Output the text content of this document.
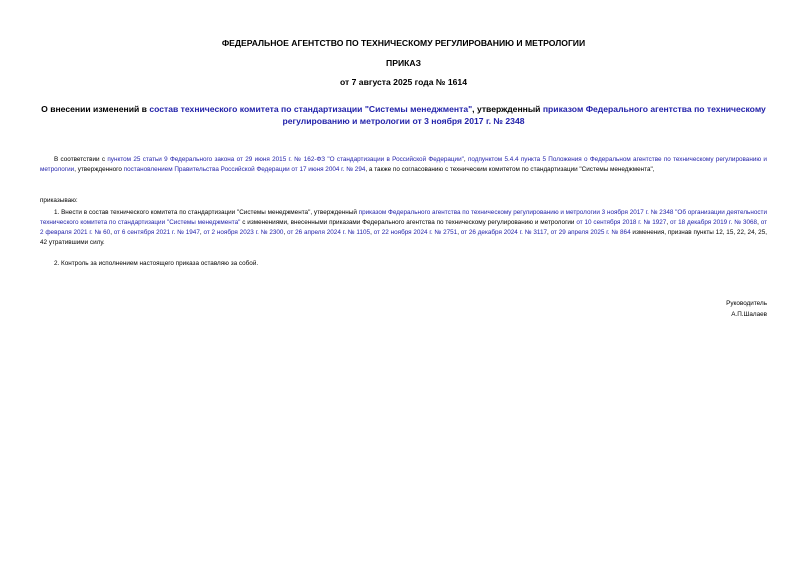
ФЕДЕРАЛЬНОЕ АГЕНТСТВО ПО ТЕХНИЧЕСКОМУ РЕГУЛИРОВАНИЮ И МЕТРОЛОГИИ
ПРИКАЗ
от 7 августа 2025 года № 1614
О внесении изменений в состав технического комитета по стандартизации "Системы менеджмента", утвержденный приказом Федерального агентства по техническому регулированию и метрологии от 3 ноября 2017 г. № 2348
В соответствии с пунктом 25 статьи 9 Федерального закона от 29 июня 2015 г. № 162-ФЗ "О стандартизации в Российской Федерации", подпунктом 5.4.4 пункта 5 Положения о Федеральном агентстве по техническому регулированию и метрологии, утвержденного постановлением Правительства Российской Федерации от 17 июня 2004 г. № 294, а также по согласованию с техническим комитетом по стандартизации "Системы менеджмента",
приказываю:
1. Внести в состав технического комитета по стандартизации "Системы менеджмента", утвержденный приказом Федерального агентства по техническому регулированию и метрологии 3 ноября 2017 г. № 2348 "Об организации деятельности технического комитета по стандартизации "Системы менеджмента" с изменениями, внесенными приказами Федерального агентства по техническому регулированию и метрологии от 10 сентября 2018 г. № 1927, от 18 декабря 2019 г. № 3068, от 2 февраля 2021 г. № 60, от 6 сентября 2021 г. № 1947, от 2 ноября 2023 г. № 2300, от 26 апреля 2024 г. № 1105, от 22 ноября 2024 г. № 2751, от 26 декабря 2024 г. № 3117, от 29 апреля 2025 г. № 864 изменения, признав пункты 12, 15, 22, 24, 25, 42 утратившими силу.
2. Контроль за исполнением настоящего приказа оставляю за собой.
Руководитель
А.П.Шалаев
